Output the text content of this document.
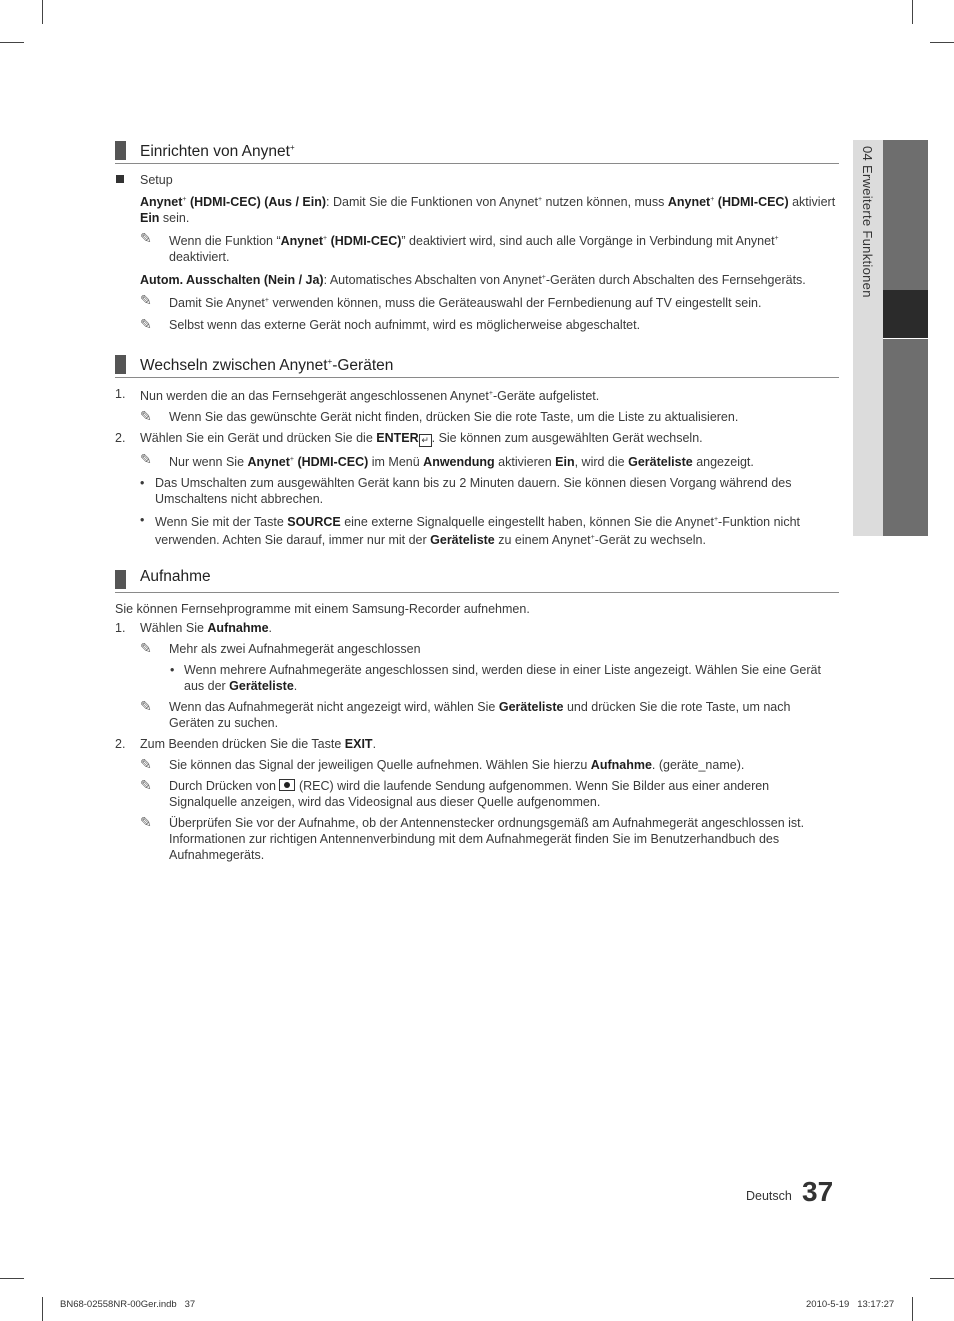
04 Erweiterte Funktionen
Einrichten von Anynet+
Setup
Anynet+ (HDMI-CEC) (Aus / Ein): Damit Sie die Funktionen von Anynet+ nutzen können, muss Anynet+ (HDMI-CEC) aktiviert Ein sein.
✎ Wenn die Funktion “Anynet+ (HDMI-CEC)” deaktiviert wird, sind auch alle Vorgänge in Verbindung mit Anynet+ deaktiviert.
Autom. Ausschalten (Nein / Ja): Automatisches Abschalten von Anynet+-Geräten durch Abschalten des Fernsehgeräts.
✎ Damit Sie Anynet+ verwenden können, muss die Geräteauswahl der Fernbedienung auf TV eingestellt sein.
✎ Selbst wenn das externe Gerät noch aufnimmt, wird es möglicherweise abgeschaltet.
Wechseln zwischen Anynet+-Geräten
1. Nun werden die an das Fernsehgerät angeschlossenen Anynet+-Geräte aufgelistet.
✎ Wenn Sie das gewünschte Gerät nicht finden, drücken Sie die rote Taste, um die Liste zu aktualisieren.
2. Wählen Sie ein Gerät und drücken Sie die ENTER ↵ . Sie können zum ausgewählten Gerät wechseln.
✎ Nur wenn Sie Anynet+ (HDMI-CEC) im Menü Anwendung aktivieren Ein, wird die Geräteliste angezeigt.
• Das Umschalten zum ausgewählten Gerät kann bis zu 2 Minuten dauern. Sie können diesen Vorgang während des Umschaltens nicht abbrechen.
• Wenn Sie mit der Taste SOURCE eine externe Signalquelle eingestellt haben, können Sie die Anynet+-Funktion nicht verwenden. Achten Sie darauf, immer nur mit der Geräteliste zu einem Anynet+-Gerät zu wechseln.
Aufnahme
Sie können Fernsehprogramme mit einem Samsung-Recorder aufnehmen.
1. Wählen Sie Aufnahme.
✎ Mehr als zwei Aufnahmegerät angeschlossen
• Wenn mehrere Aufnahmegeräte angeschlossen sind, werden diese in einer Liste angezeigt. Wählen Sie eine Gerät aus der Geräteliste.
✎ Wenn das Aufnahmegerät nicht angezeigt wird, wählen Sie Geräteliste und drücken Sie die rote Taste, um nach Geräten zu suchen.
2. Zum Beenden drücken Sie die Taste EXIT.
✎ Sie können das Signal der jeweiligen Quelle aufnehmen. Wählen Sie hierzu Aufnahme. (geräte_name).
✎ Durch Drücken von  (REC) wird die laufende Sendung aufgenommen. Wenn Sie Bilder aus einer anderen Signalquelle anzeigen, wird das Videosignal aus dieser Quelle aufgenommen.
✎ Überprüfen Sie vor der Aufnahme, ob der Antennenstecker ordnungsgemäß am Aufnahmegerät angeschlossen ist. Informationen zur richtigen Antennenverbindung mit dem Aufnahmegerät finden Sie im Benutzerhandbuch des Aufnahmegeräts.
Deutsch 37
BN68-02558NR-00Ger.indb   37	2010-5-19   13:17:27
